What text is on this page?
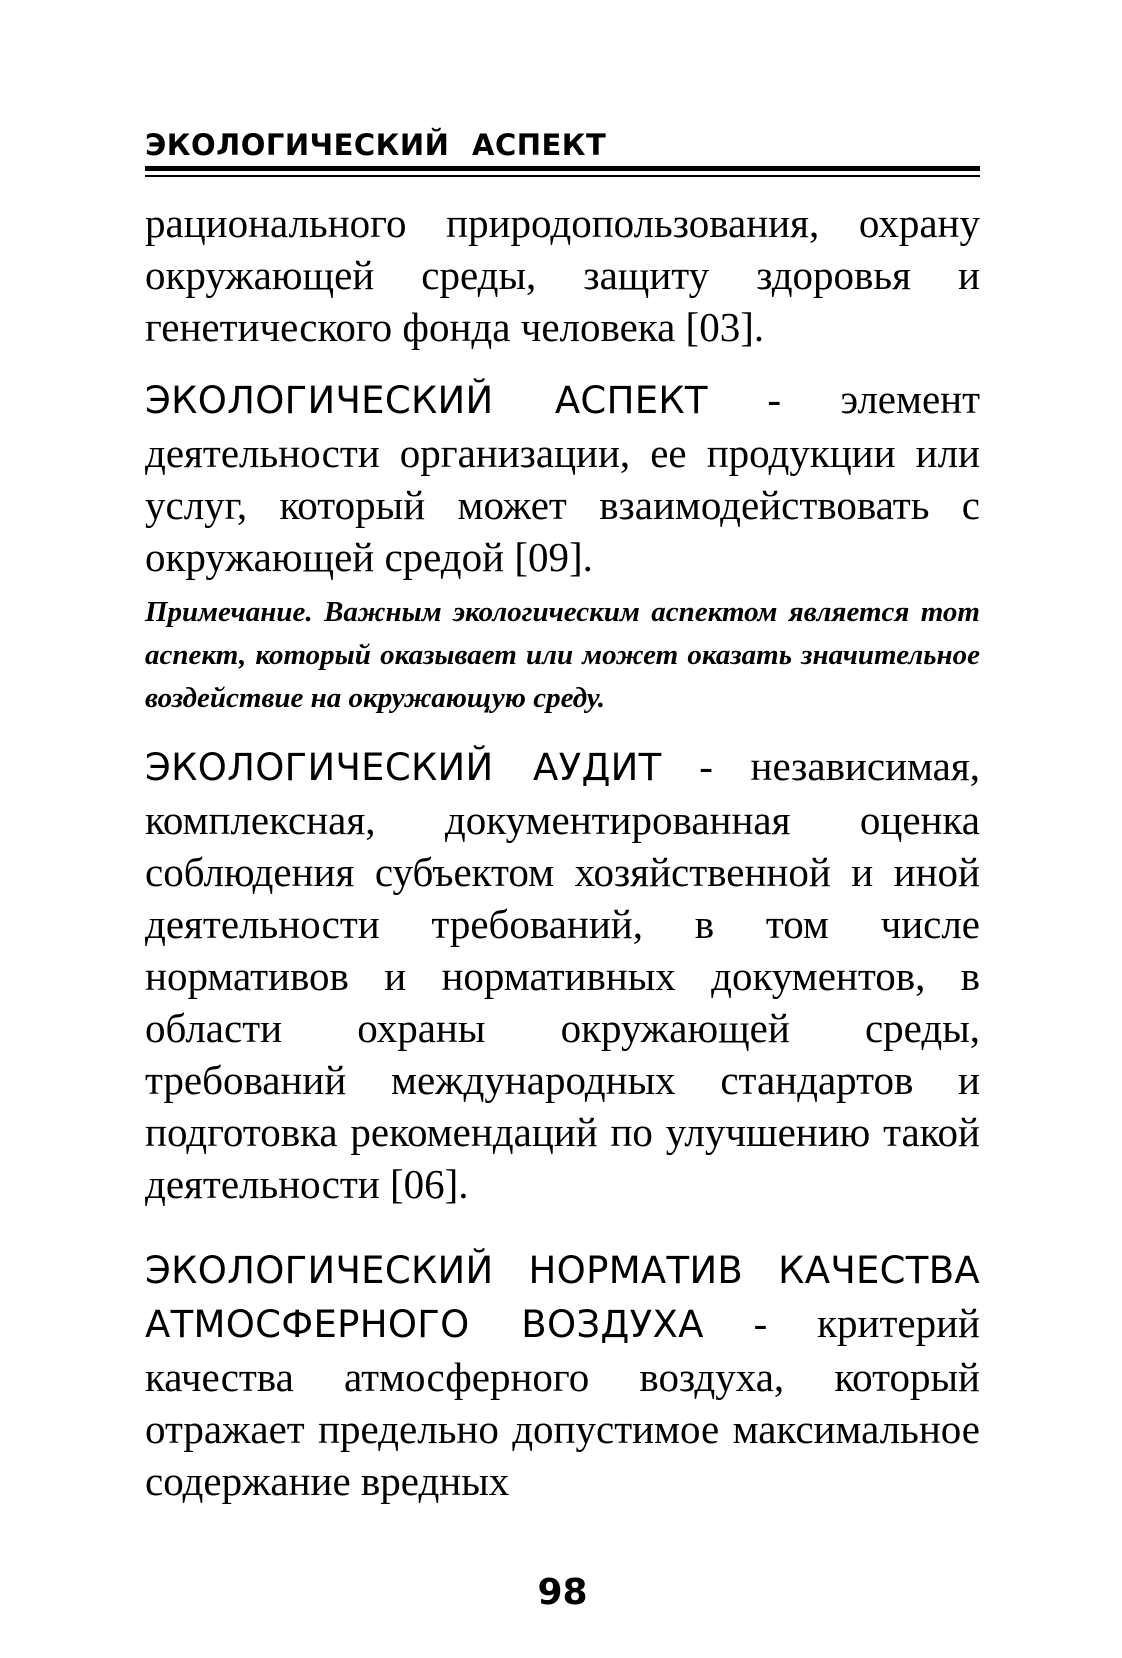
ЭКОЛОГИЧЕСКИЙ АСПЕКТ

рационального природопользования, охрану окружающей среды, защиту здоровья и генетического фонда человека [03].

ЭКОЛОГИЧЕСКИЙ АСПЕКТ - элемент деятельности организации, ее продукции или услуг, который может взаимодействовать с окружающей средой [09].

Примечание. Важным экологическим аспектом является тот аспект, который оказывает или может оказать значительное воздействие на окружающую среду.

ЭКОЛОГИЧЕСКИЙ АУДИТ - независимая, комплексная, документированная оценка соблюдения субъектом хозяйственной и иной деятельности требований, в том числе нормативов и нормативных документов, в области охраны окружающей среды, требований международных стандартов и подготовка рекомендаций по улучшению такой деятельности [06].

ЭКОЛОГИЧЕСКИЙ НОРМАТИВ КАЧЕСТВА АТМОСФЕРНОГО ВОЗДУХА - критерий качества атмосферного воздуха, который отражает предельно допустимое максимальное содержание вредных

98
